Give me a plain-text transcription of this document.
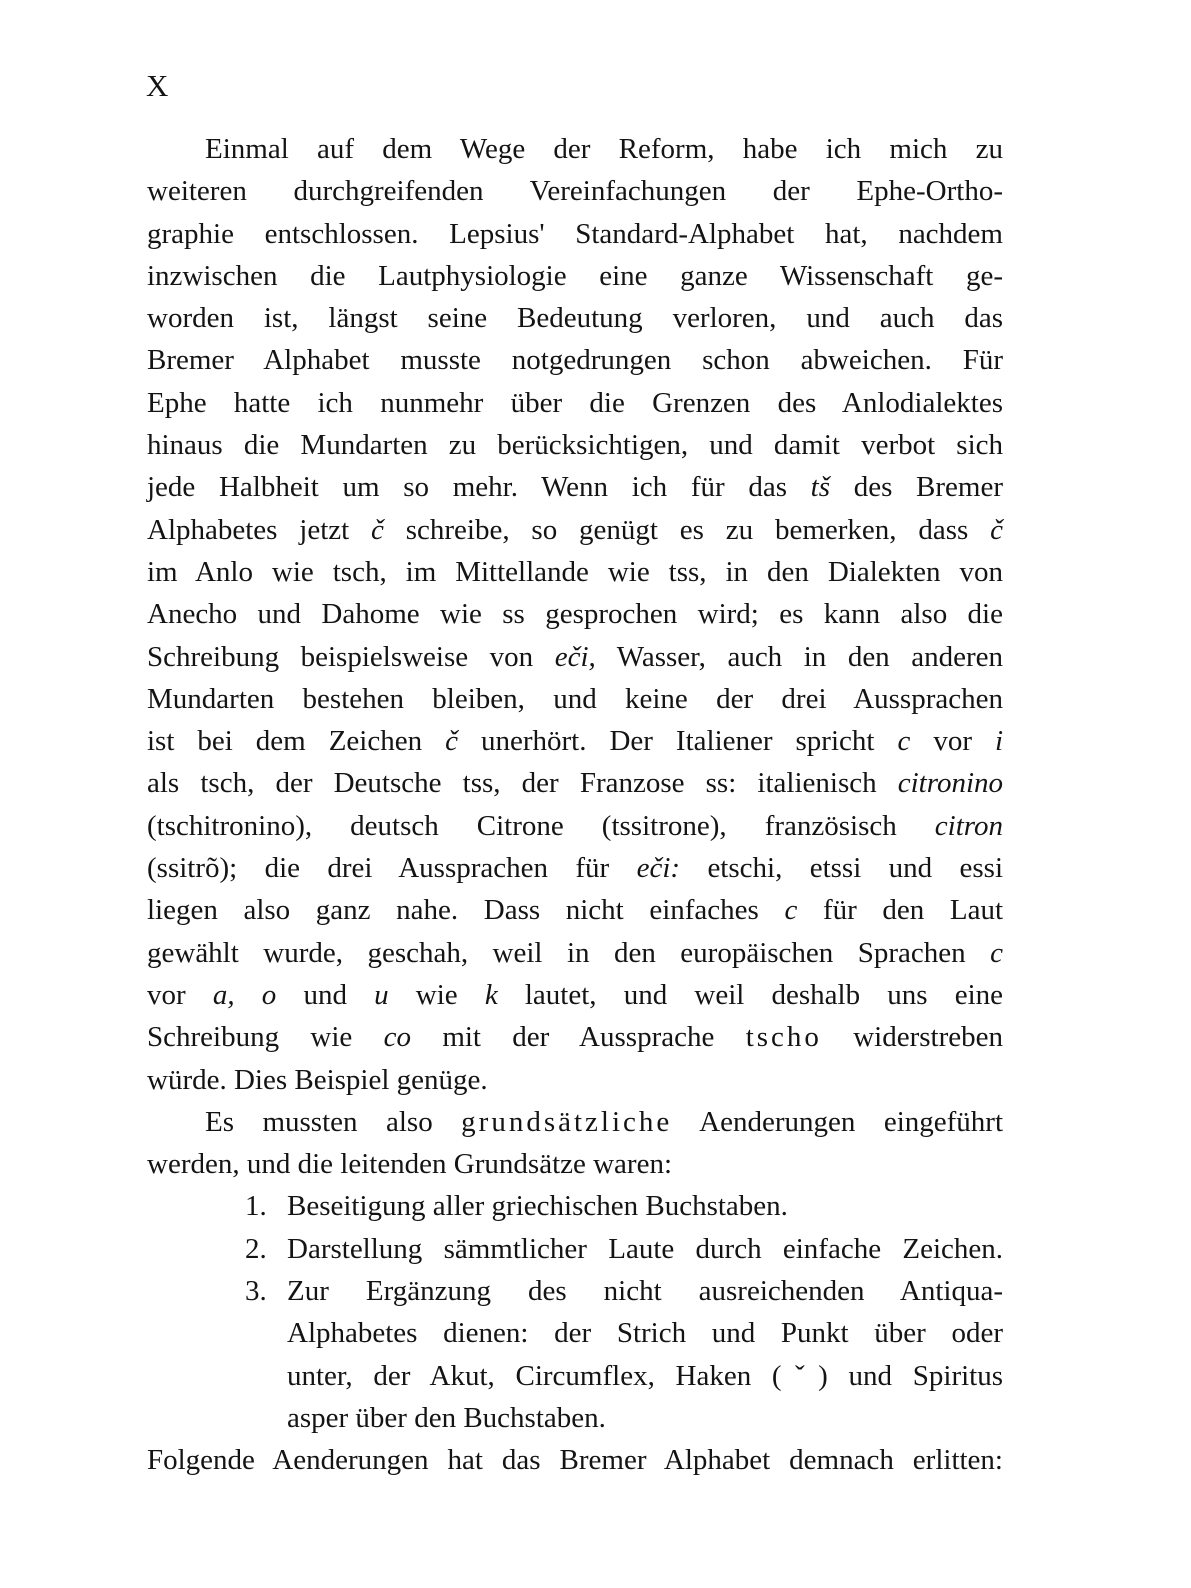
X
Einmal auf dem Wege der Reform, habe ich mich zu
weiteren durchgreifenden Vereinfachungen der Ephe-Ortho-
graphie entschlossen. Lepsius' Standard-Alphabet hat, nachdem
inzwischen die Lautphysiologie eine ganze Wissenschaft ge-
worden ist, längst seine Bedeutung verloren, und auch das
Bremer Alphabet musste notgedrungen schon abweichen. Für
Ephe hatte ich nunmehr über die Grenzen des Anlodialektes
hinaus die Mundarten zu berücksichtigen, und damit verbot sich
jede Halbheit um so mehr. Wenn ich für das tš des Bremer
Alphabetes jetzt č schreibe, so genügt es zu bemerken, dass č
im Anlo wie tsch, im Mittellande wie tss, in den Dialekten von
Anecho und Dahome wie ss gesprochen wird; es kann also die
Schreibung beispielsweise von eči, Wasser, auch in den anderen
Mundarten bestehen bleiben, und keine der drei Aussprachen
ist bei dem Zeichen č unerhört. Der Italiener spricht c vor i
als tsch, der Deutsche tss, der Franzose ss: italienisch citronino
(tschitronino), deutsch Citrone (tssitrone), französisch citron
(ssitrõ); die drei Aussprachen für eči: etschi, etssi und essi
liegen also ganz nahe. Dass nicht einfaches c für den Laut
gewählt wurde, geschah, weil in den europäischen Sprachen c
vor a, o und u wie k lautet, und weil deshalb uns eine
Schreibung wie co mit der Aussprache tscho widerstreben
würde. Dies Beispiel genüge.
Es mussten also grundsätzliche Aenderungen eingeführt
werden, und die leitenden Grundsätze waren:
1. Beseitigung aller griechischen Buchstaben.
2. Darstellung sämmtlicher Laute durch einfache Zeichen.
3. Zur Ergänzung des nicht ausreichenden Antiqua-
Alphabetes dienen: der Strich und Punkt über oder
unter, der Akut, Circumflex, Haken (ˇ) und Spiritus
asper über den Buchstaben.
Folgende Aenderungen hat das Bremer Alphabet demnach erlitten:
